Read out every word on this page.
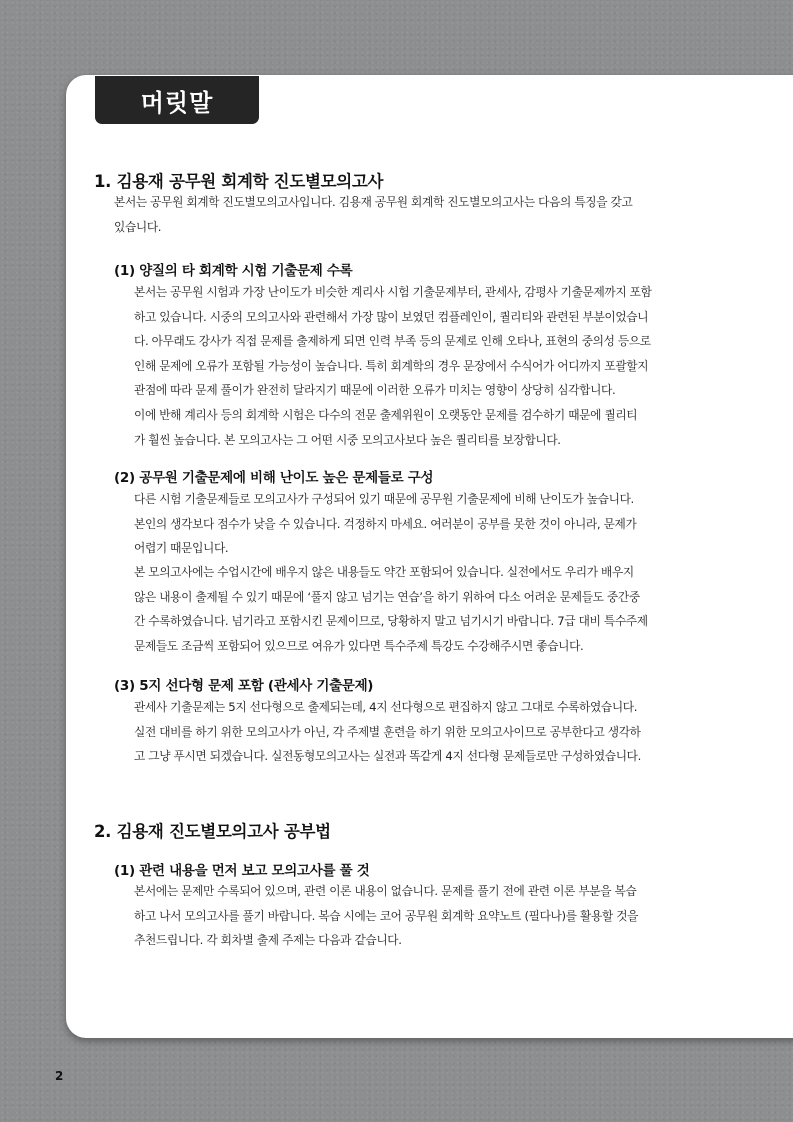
머릿말
1. 김용재 공무원 회계학 진도별모의고사
본서는 공무원 회계학 진도별모의고사입니다. 김용재 공무원 회계학 진도별모의고사는 다음의 특징을 갖고
있습니다.
(1) 양질의 타 회계학 시험 기출문제 수록
본서는 공무원 시험과 가장 난이도가 비슷한 계리사 시험 기출문제부터, 관세사, 감평사 기출문제까지 포함
하고 있습니다. 시중의 모의고사와 관련해서 가장 많이 보였던 컴플레인이, 퀄리티와 관련된 부분이었습니
다. 아무래도 강사가 직접 문제를 출제하게 되면 인력 부족 등의 문제로 인해 오타나, 표현의 중의성 등으로
인해 문제에 오류가 포함될 가능성이 높습니다. 특히 회계학의 경우 문장에서 수식어가 어디까지 포괄할지
관점에 따라 문제 풀이가 완전히 달라지기 때문에 이러한 오류가 미치는 영향이 상당히 심각합니다.
이에 반해 계리사 등의 회계학 시험은 다수의 전문 출제위원이 오랫동안 문제를 검수하기 때문에 퀄리티
가 훨씬 높습니다. 본 모의고사는 그 어떤 시중 모의고사보다 높은 퀄리티를 보장합니다.
(2) 공무원 기출문제에 비해 난이도 높은 문제들로 구성
다른 시험 기출문제들로 모의고사가 구성되어 있기 때문에 공무원 기출문제에 비해 난이도가 높습니다.
본인의 생각보다 점수가 낮을 수 있습니다. 걱정하지 마세요. 여러분이 공부를 못한 것이 아니라, 문제가
어렵기 때문입니다.
본 모의고사에는 수업시간에 배우지 않은 내용들도 약간 포함되어 있습니다. 실전에서도 우리가 배우지
않은 내용이 출제될 수 있기 때문에 ‘풀지 않고 넘기는 연습’을 하기 위하여 다소 어려운 문제들도 중간중
간 수록하였습니다. 넘기라고 포함시킨 문제이므로, 당황하지 말고 넘기시기 바랍니다. 7급 대비 특수주제
문제들도 조금씩 포함되어 있으므로 여유가 있다면 특수주제 특강도 수강해주시면 좋습니다.
(3) 5지 선다형 문제 포함 (관세사 기출문제)
관세사 기출문제는 5지 선다형으로 출제되는데, 4지 선다형으로 편집하지 않고 그대로 수록하였습니다.
실전 대비를 하기 위한 모의고사가 아닌, 각 주제별 훈련을 하기 위한 모의고사이므로 공부한다고 생각하
고 그냥 푸시면 되겠습니다. 실전동형모의고사는 실전과 똑같게 4지 선다형 문제들로만 구성하였습니다.
2. 김용재 진도별모의고사 공부법
(1) 관련 내용을 먼저 보고 모의고사를 풀 것
본서에는 문제만 수록되어 있으며, 관련 이론 내용이 없습니다. 문제를 풀기 전에 관련 이론 부분을 복습
하고 나서 모의고사를 풀기 바랍니다. 복습 시에는 코어 공무원 회계학 요약노트 (필다나)를 활용할 것을
추천드립니다. 각 회차별 출제 주제는 다음과 같습니다.
2
